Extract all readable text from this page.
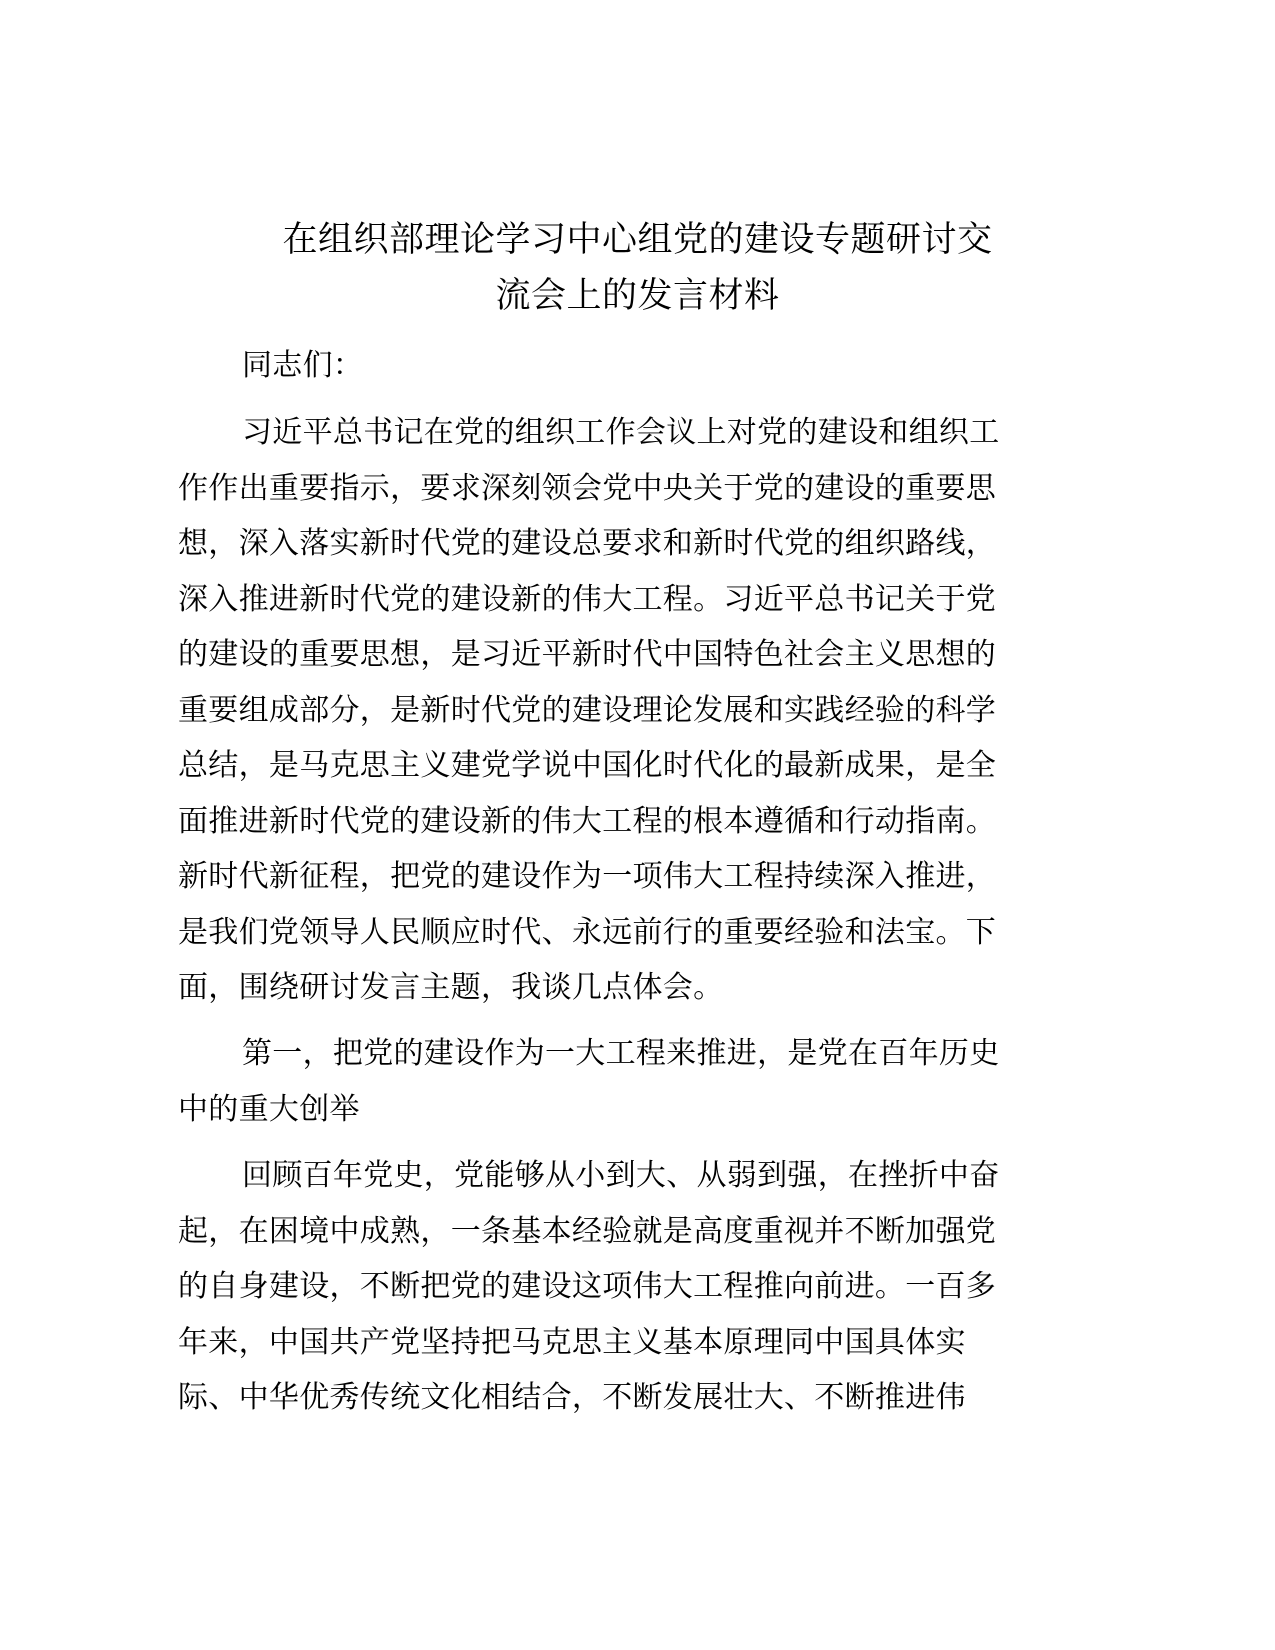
在组织部理论学习中心组党的建设专题研讨交
流会上的发言材料
同志们：
习近平总书记在党的组织工作会议上对党的建设和组织工
作作出重要指示，要求深刻领会党中央关于党的建设的重要思
想，深入落实新时代党的建设总要求和新时代党的组织路线，
深入推进新时代党的建设新的伟大工程。习近平总书记关于党
的建设的重要思想，是习近平新时代中国特色社会主义思想的
重要组成部分，是新时代党的建设理论发展和实践经验的科学
总结，是马克思主义建党学说中国化时代化的最新成果，是全
面推进新时代党的建设新的伟大工程的根本遵循和行动指南。
新时代新征程，把党的建设作为一项伟大工程持续深入推进，
是我们党领导人民顺应时代、永远前行的重要经验和法宝。下
面，围绕研讨发言主题，我谈几点体会。
第一，把党的建设作为一大工程来推进，是党在百年历史
中的重大创举
回顾百年党史，党能够从小到大、从弱到强，在挫折中奋
起，在困境中成熟，一条基本经验就是高度重视并不断加强党
的自身建设，不断把党的建设这项伟大工程推向前进。一百多
年来，中国共产党坚持把马克思主义基本原理同中国具体实
际、中华优秀传统文化相结合，不断发展壮大、不断推进伟
